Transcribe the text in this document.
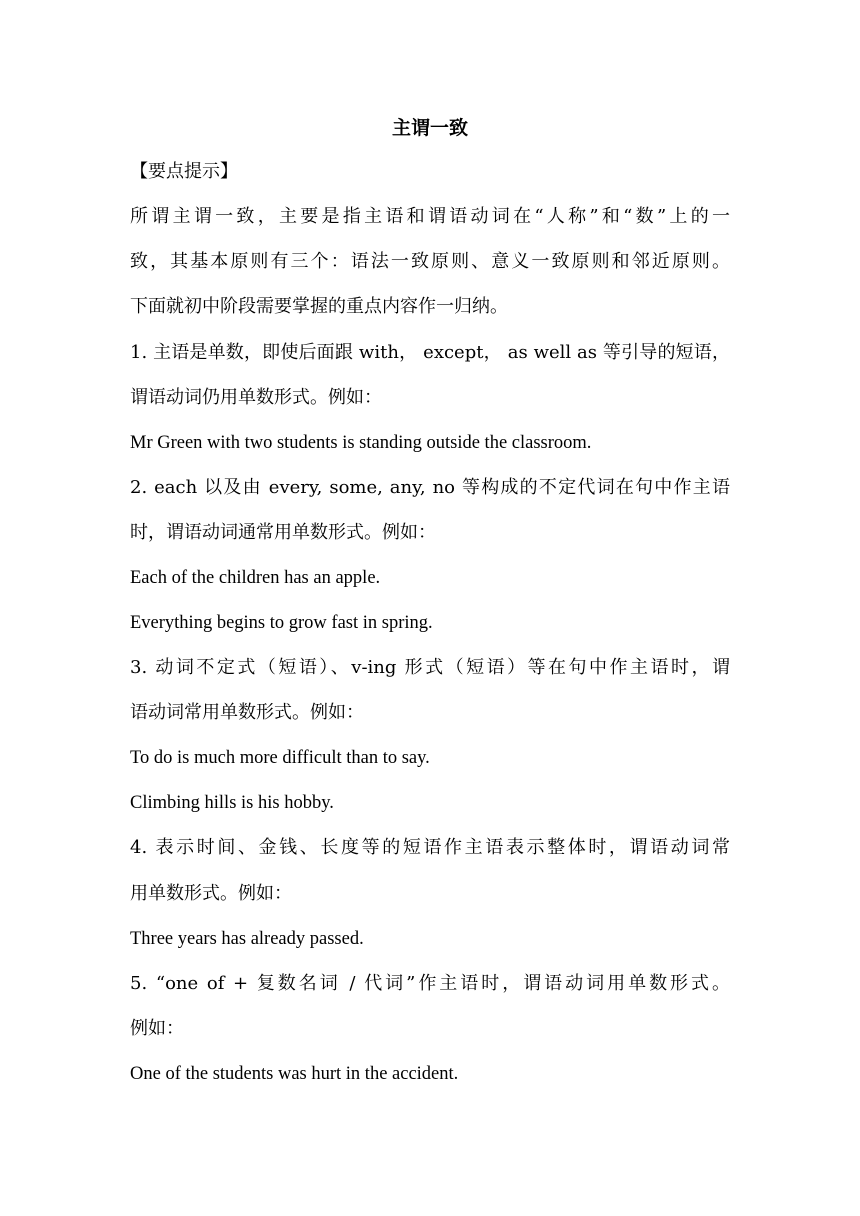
主谓一致
【要点提示】
所谓主谓一致，主要是指主语和谓语动词在“人称”和“数”上的一
致，其基本原则有三个：语法一致原则、意义一致原则和邻近原则。
下面就初中阶段需要掌握的重点内容作一归纳。
1. 主语是单数，即使后面跟 with， except， as well as 等引导的短语，
谓语动词仍用单数形式。例如：
Mr Green with two students is standing outside the classroom.
2. each 以及由 every, some, any, no 等构成的不定代词在句中作主语
时，谓语动词通常用单数形式。例如：
Each of the children has an apple.
Everything begins to grow fast in spring.
3. 动词不定式（短语）、v-ing 形式（短语）等在句中作主语时，谓
语动词常用单数形式。例如：
To do is much more difficult than to say.
Climbing hills is his hobby.
4. 表示时间、金钱、长度等的短语作主语表示整体时，谓语动词常
用单数形式。例如：
Three years has already passed.
5. “one of + 复数名词 / 代词”作主语时，谓语动词用单数形式。
例如：
One of the students was hurt in the accident.
